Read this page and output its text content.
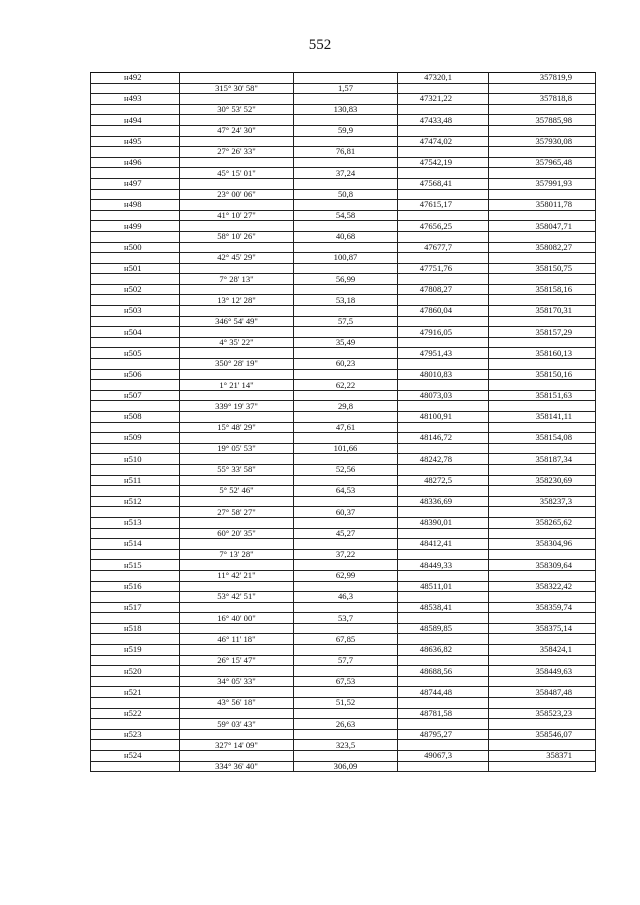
552
н492			47320,1	357819,9
	315° 30' 58"	1,57		
н493			47321,22	357818,8
	30° 53' 52"	130,83		
н494			47433,48	357885,98
	47° 24' 30"	59,9		
н495			47474,02	357930,08
	27° 26' 33"	76,81		
н496			47542,19	357965,48
	45° 15' 01"	37,24		
н497			47568,41	357991,93
	23° 00' 06"	50,8		
н498			47615,17	358011,78
	41° 10' 27"	54,58		
н499			47656,25	358047,71
	58° 10' 26"	40,68		
н500			47677,7	358082,27
	42° 45' 29"	100,87		
н501			47751,76	358150,75
	7° 28' 13"	56,99		
н502			47808,27	358158,16
	13° 12' 28"	53,18		
н503			47860,04	358170,31
	346° 54' 49"	57,5		
н504			47916,05	358157,29
	4° 35' 22"	35,49		
н505			47951,43	358160,13
	350° 28' 19"	60,23		
н506			48010,83	358150,16
	1° 21' 14"	62,22		
н507			48073,03	358151,63
	339° 19' 37"	29,8		
н508			48100,91	358141,11
	15° 48' 29"	47,61		
н509			48146,72	358154,08
	19° 05' 53"	101,66		
н510			48242,78	358187,34
	55° 33' 58"	52,56		
н511			48272,5	358230,69
	5° 52' 46"	64,53		
н512			48336,69	358237,3
	27° 58' 27"	60,37		
н513			48390,01	358265,62
	60° 20' 35"	45,27		
н514			48412,41	358304,96
	7° 13' 28"	37,22		
н515			48449,33	358309,64
	11° 42' 21"	62,99		
н516			48511,01	358322,42
	53° 42' 51"	46,3		
н517			48538,41	358359,74
	16° 40' 00"	53,7		
н518			48589,85	358375,14
	46° 11' 18"	67,85		
н519			48636,82	358424,1
	26° 15' 47"	57,7		
н520			48688,56	358449,63
	34° 05' 33"	67,53		
н521			48744,48	358487,48
	43° 56' 18"	51,52		
н522			48781,58	358523,23
	59° 03' 43"	26,63		
н523			48795,27	358546,07
	327° 14' 09"	323,5		
н524			49067,3	358371
	334° 36' 40"	306,09		
